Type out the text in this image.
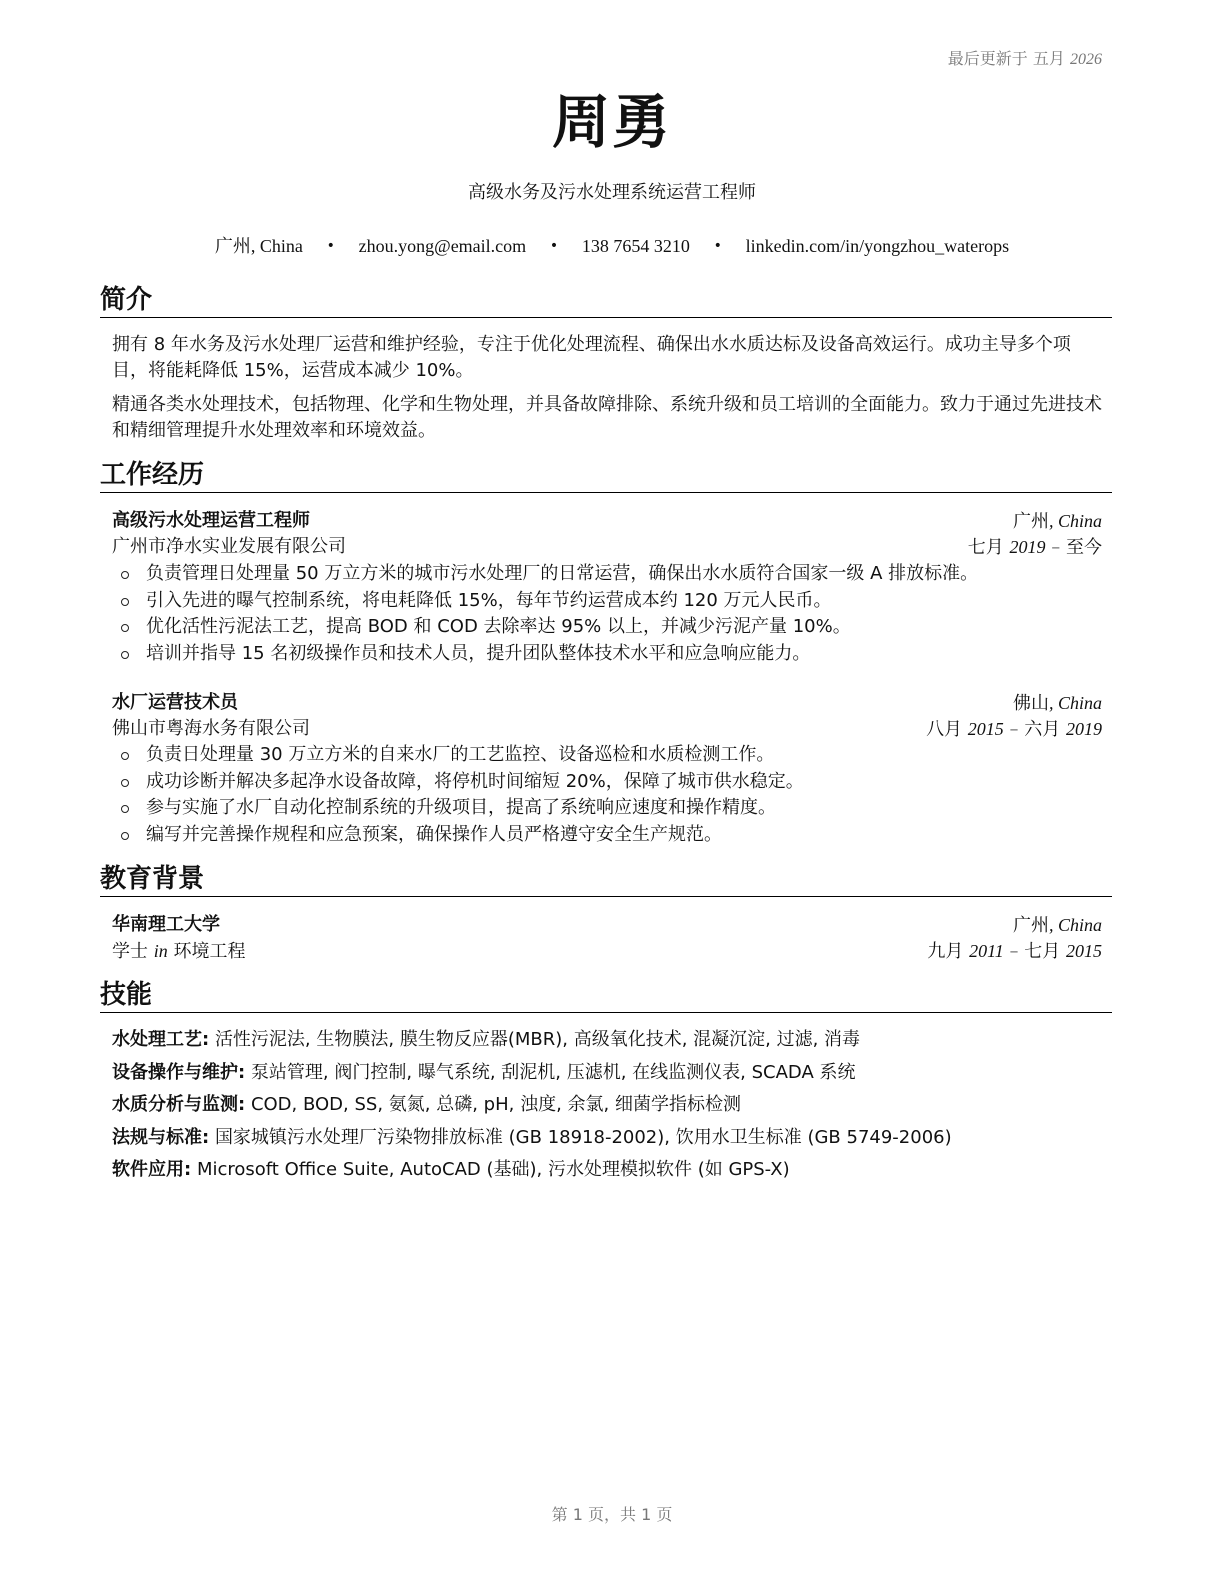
最后更新于 五月 2026
周勇
高级水务及污水处理系统运营工程师
广州, China • zhou.yong@email.com • 138 7654 3210 • linkedin.com/in/yongzhou_waterops
简介
拥有 8 年水务及污水处理厂运营和维护经验，专注于优化处理流程、确保出水水质达标及设备高效运行。成功主导多个项目，将能耗降低 15%，运营成本减少 10%。
精通各类水处理技术，包括物理、化学和生物处理，并具备故障排除、系统升级和员工培训的全面能力。致力于通过先进技术和精细管理提升水处理效率和环境效益。
工作经历
高级污水处理运营工程师	广州, China
广州市净水实业发展有限公司	七月 2019 – 至今
负责管理日处理量 50 万立方米的城市污水处理厂的日常运营，确保出水水质符合国家一级 A 排放标准。
引入先进的曝气控制系统，将电耗降低 15%，每年节约运营成本约 120 万元人民币。
优化活性污泥法工艺，提高 BOD 和 COD 去除率达 95% 以上，并减少污泥产量 10%。
培训并指导 15 名初级操作员和技术人员，提升团队整体技术水平和应急响应能力。
水厂运营技术员	佛山, China
佛山市粤海水务有限公司	八月 2015 – 六月 2019
负责日处理量 30 万立方米的自来水厂的工艺监控、设备巡检和水质检测工作。
成功诊断并解决多起净水设备故障，将停机时间缩短 20%，保障了城市供水稳定。
参与实施了水厂自动化控制系统的升级项目，提高了系统响应速度和操作精度。
编写并完善操作规程和应急预案，确保操作人员严格遵守安全生产规范。
教育背景
华南理工大学	广州, China
学士 in 环境工程	九月 2011 – 七月 2015
技能
水处理工艺: 活性污泥法, 生物膜法, 膜生物反应器(MBR), 高级氧化技术, 混凝沉淀, 过滤, 消毒
设备操作与维护: 泵站管理, 阀门控制, 曝气系统, 刮泥机, 压滤机, 在线监测仪表, SCADA 系统
水质分析与监测: COD, BOD, SS, 氨氮, 总磷, pH, 浊度, 余氯, 细菌学指标检测
法规与标准: 国家城镇污水处理厂污染物排放标准 (GB 18918-2002), 饮用水卫生标准 (GB 5749-2006)
软件应用: Microsoft Office Suite, AutoCAD (基础), 污水处理模拟软件 (如 GPS-X)
第 1 页，共 1 页
